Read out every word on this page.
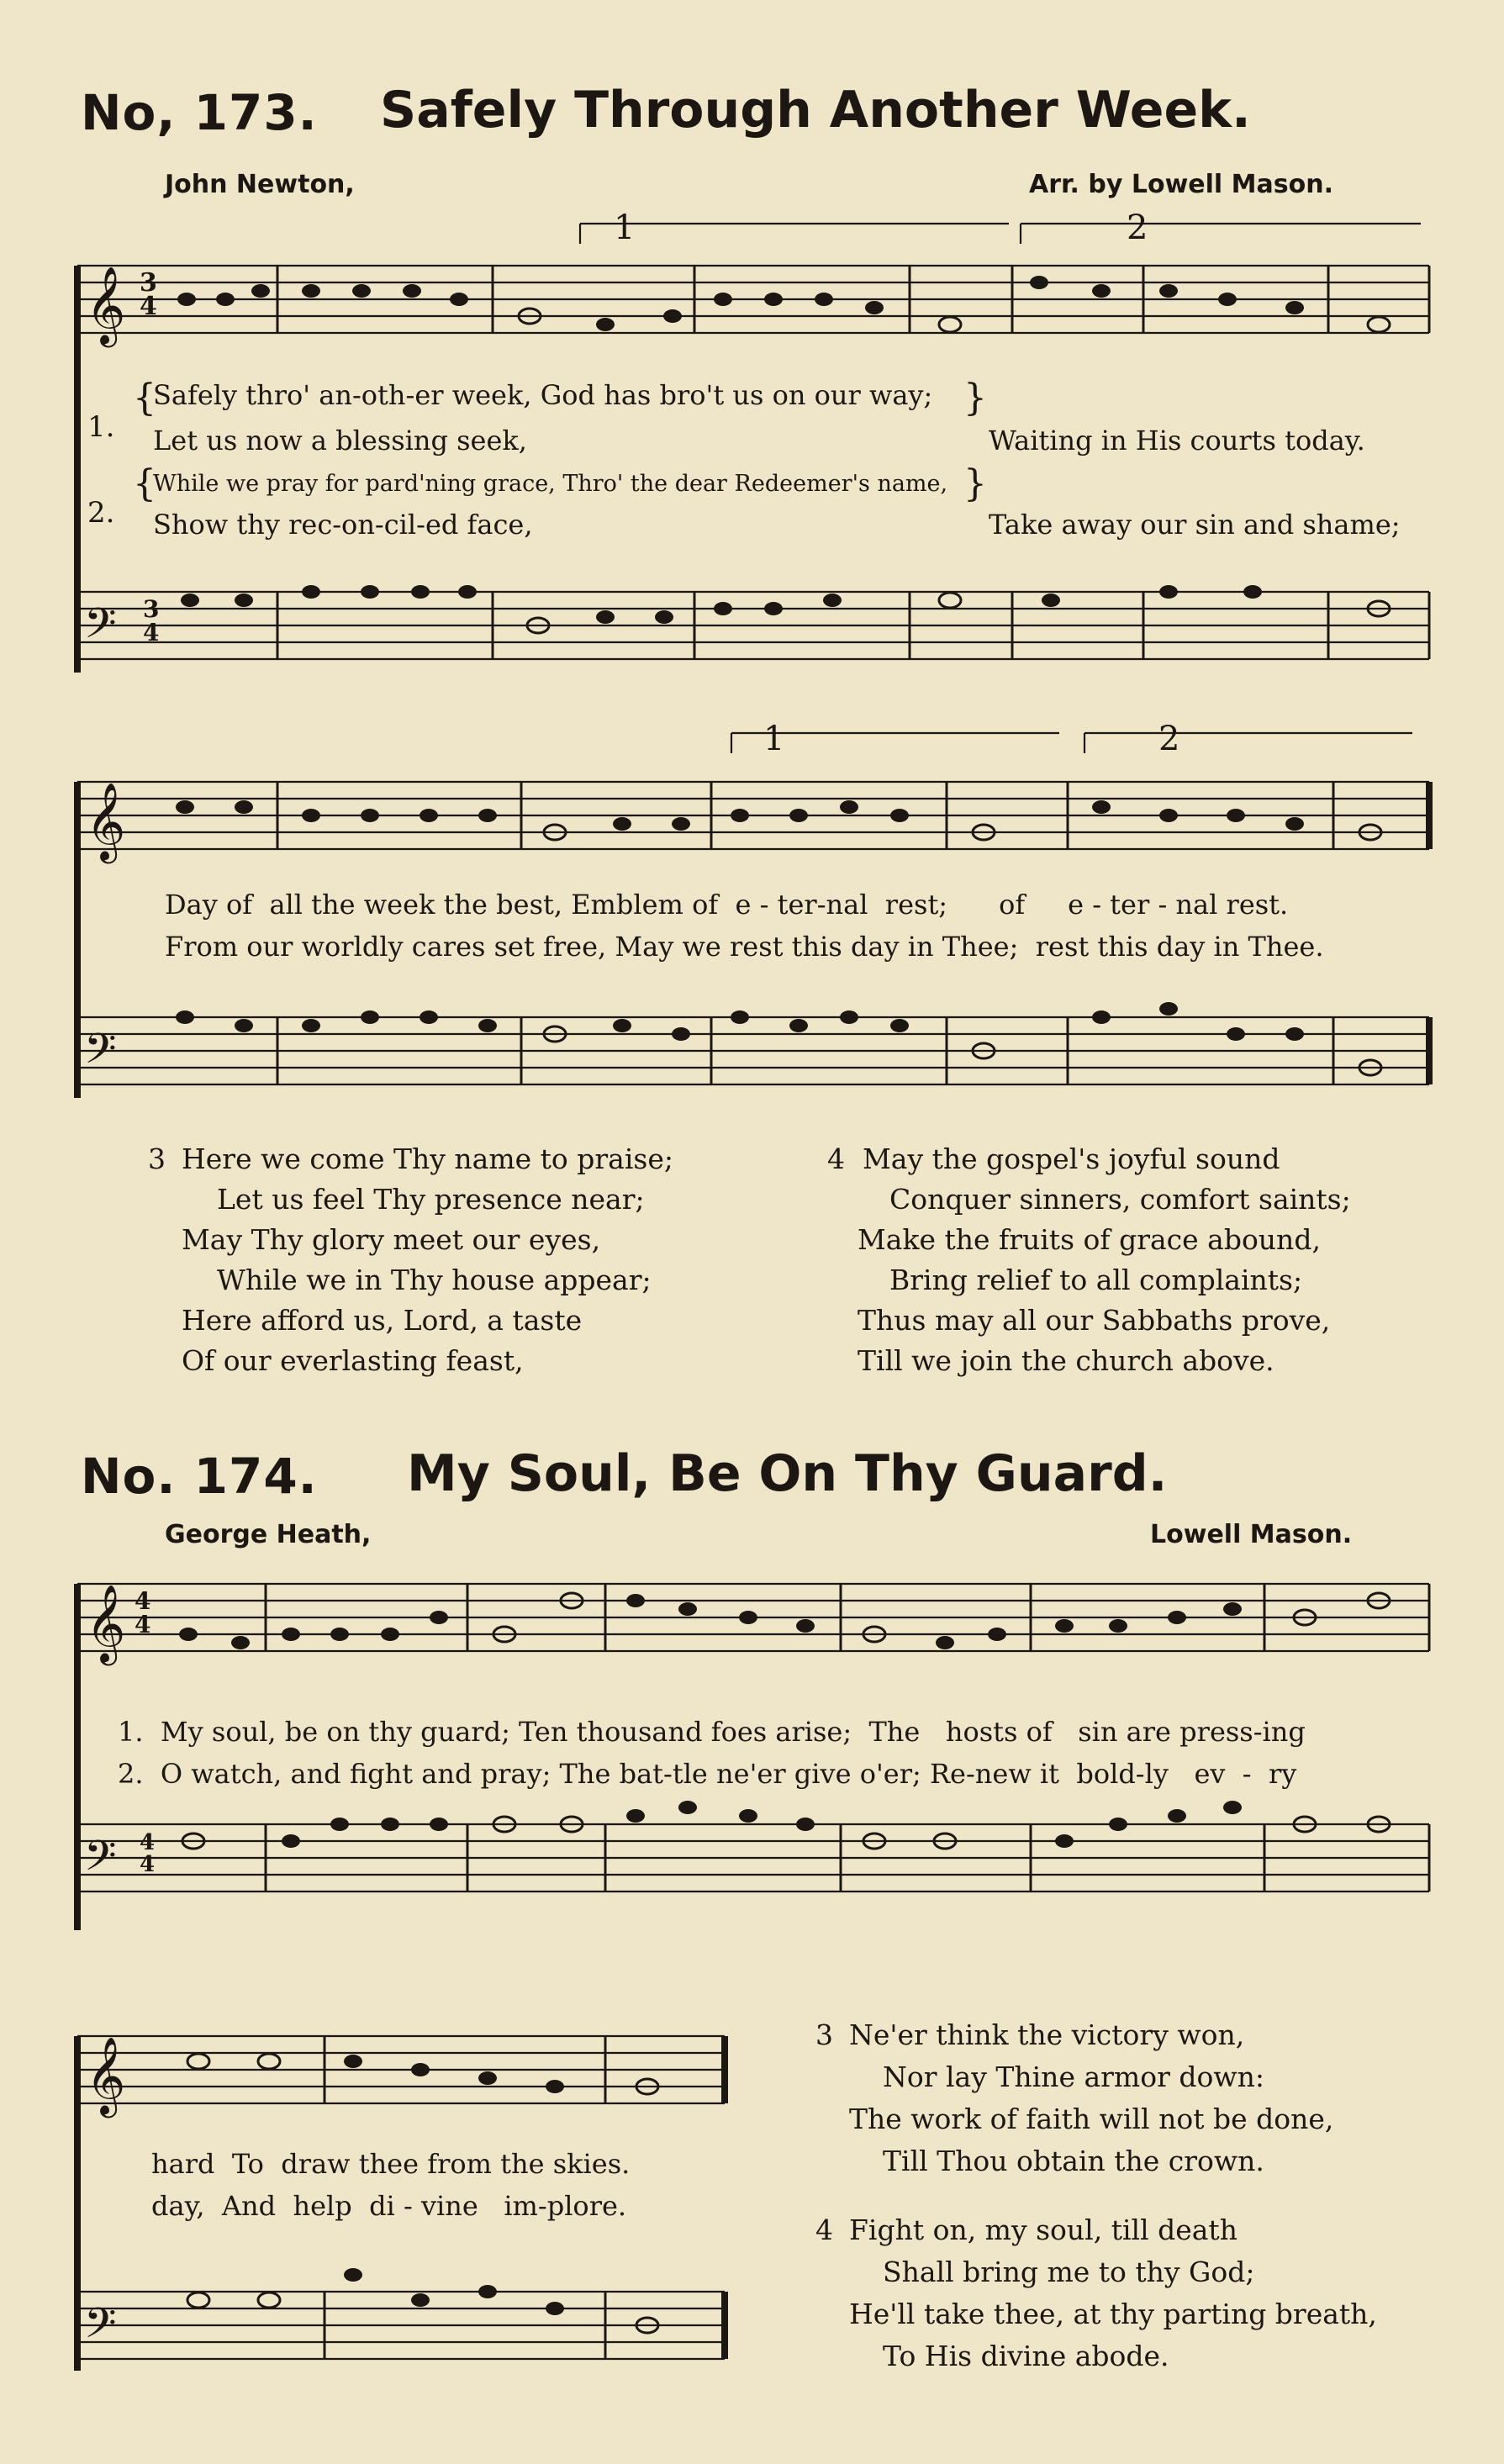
No, 173. Safely Through Another Week.
John Newton,	Arr. by Lowell Mason.
1	2
𝄞 3
4
1.
{
Safely thro' an-oth-er week, God has bro't us on our way;
Let us now a blessing seek,
}
Waiting in His courts today.
2.
{
While we pray for pard'ning grace, Thro' the dear Redeemer's name,
Show thy rec-on-cil-ed face,
}
Take away our sin and shame;
𝄢 3
4
1	2
𝄞
Day of  all the week the best, Emblem of  e - ter-nal  rest;      of     e - ter - nal rest.
From our worldly cares set free, May we rest this day in Thee;  rest this day in Thee.
𝄢
3 Here we come Thy name to praise;
Let us feel Thy presence near;
May Thy glory meet our eyes,
While we in Thy house appear;
Here afford us, Lord, a taste
Of our everlasting feast,
4 May the gospel's joyful sound
Conquer sinners, comfort saints;
Make the fruits of grace abound,
Bring relief to all complaints;
Thus may all our Sabbaths prove,
Till we join the church above.
No. 174. My Soul, Be On Thy Guard.
George Heath,	Lowell Mason.
𝄞 4
4
1.  My soul, be on thy guard; Ten thousand foes arise;  The   hosts of   sin are press-ing
2.  O watch, and fight and pray; The bat-tle ne'er give o'er; Re-new it  bold-ly   ev  -  ry
𝄢 4
4
𝄞
hard  To  draw thee from the skies.
day,  And  help  di - vine   im-plore.
𝄢
3 Ne'er think the victory won,
Nor lay Thine armor down:
The work of faith will not be done,
Till Thou obtain the crown.
4 Fight on, my soul, till death
Shall bring me to thy God;
He'll take thee, at thy parting breath,
To His divine abode.
